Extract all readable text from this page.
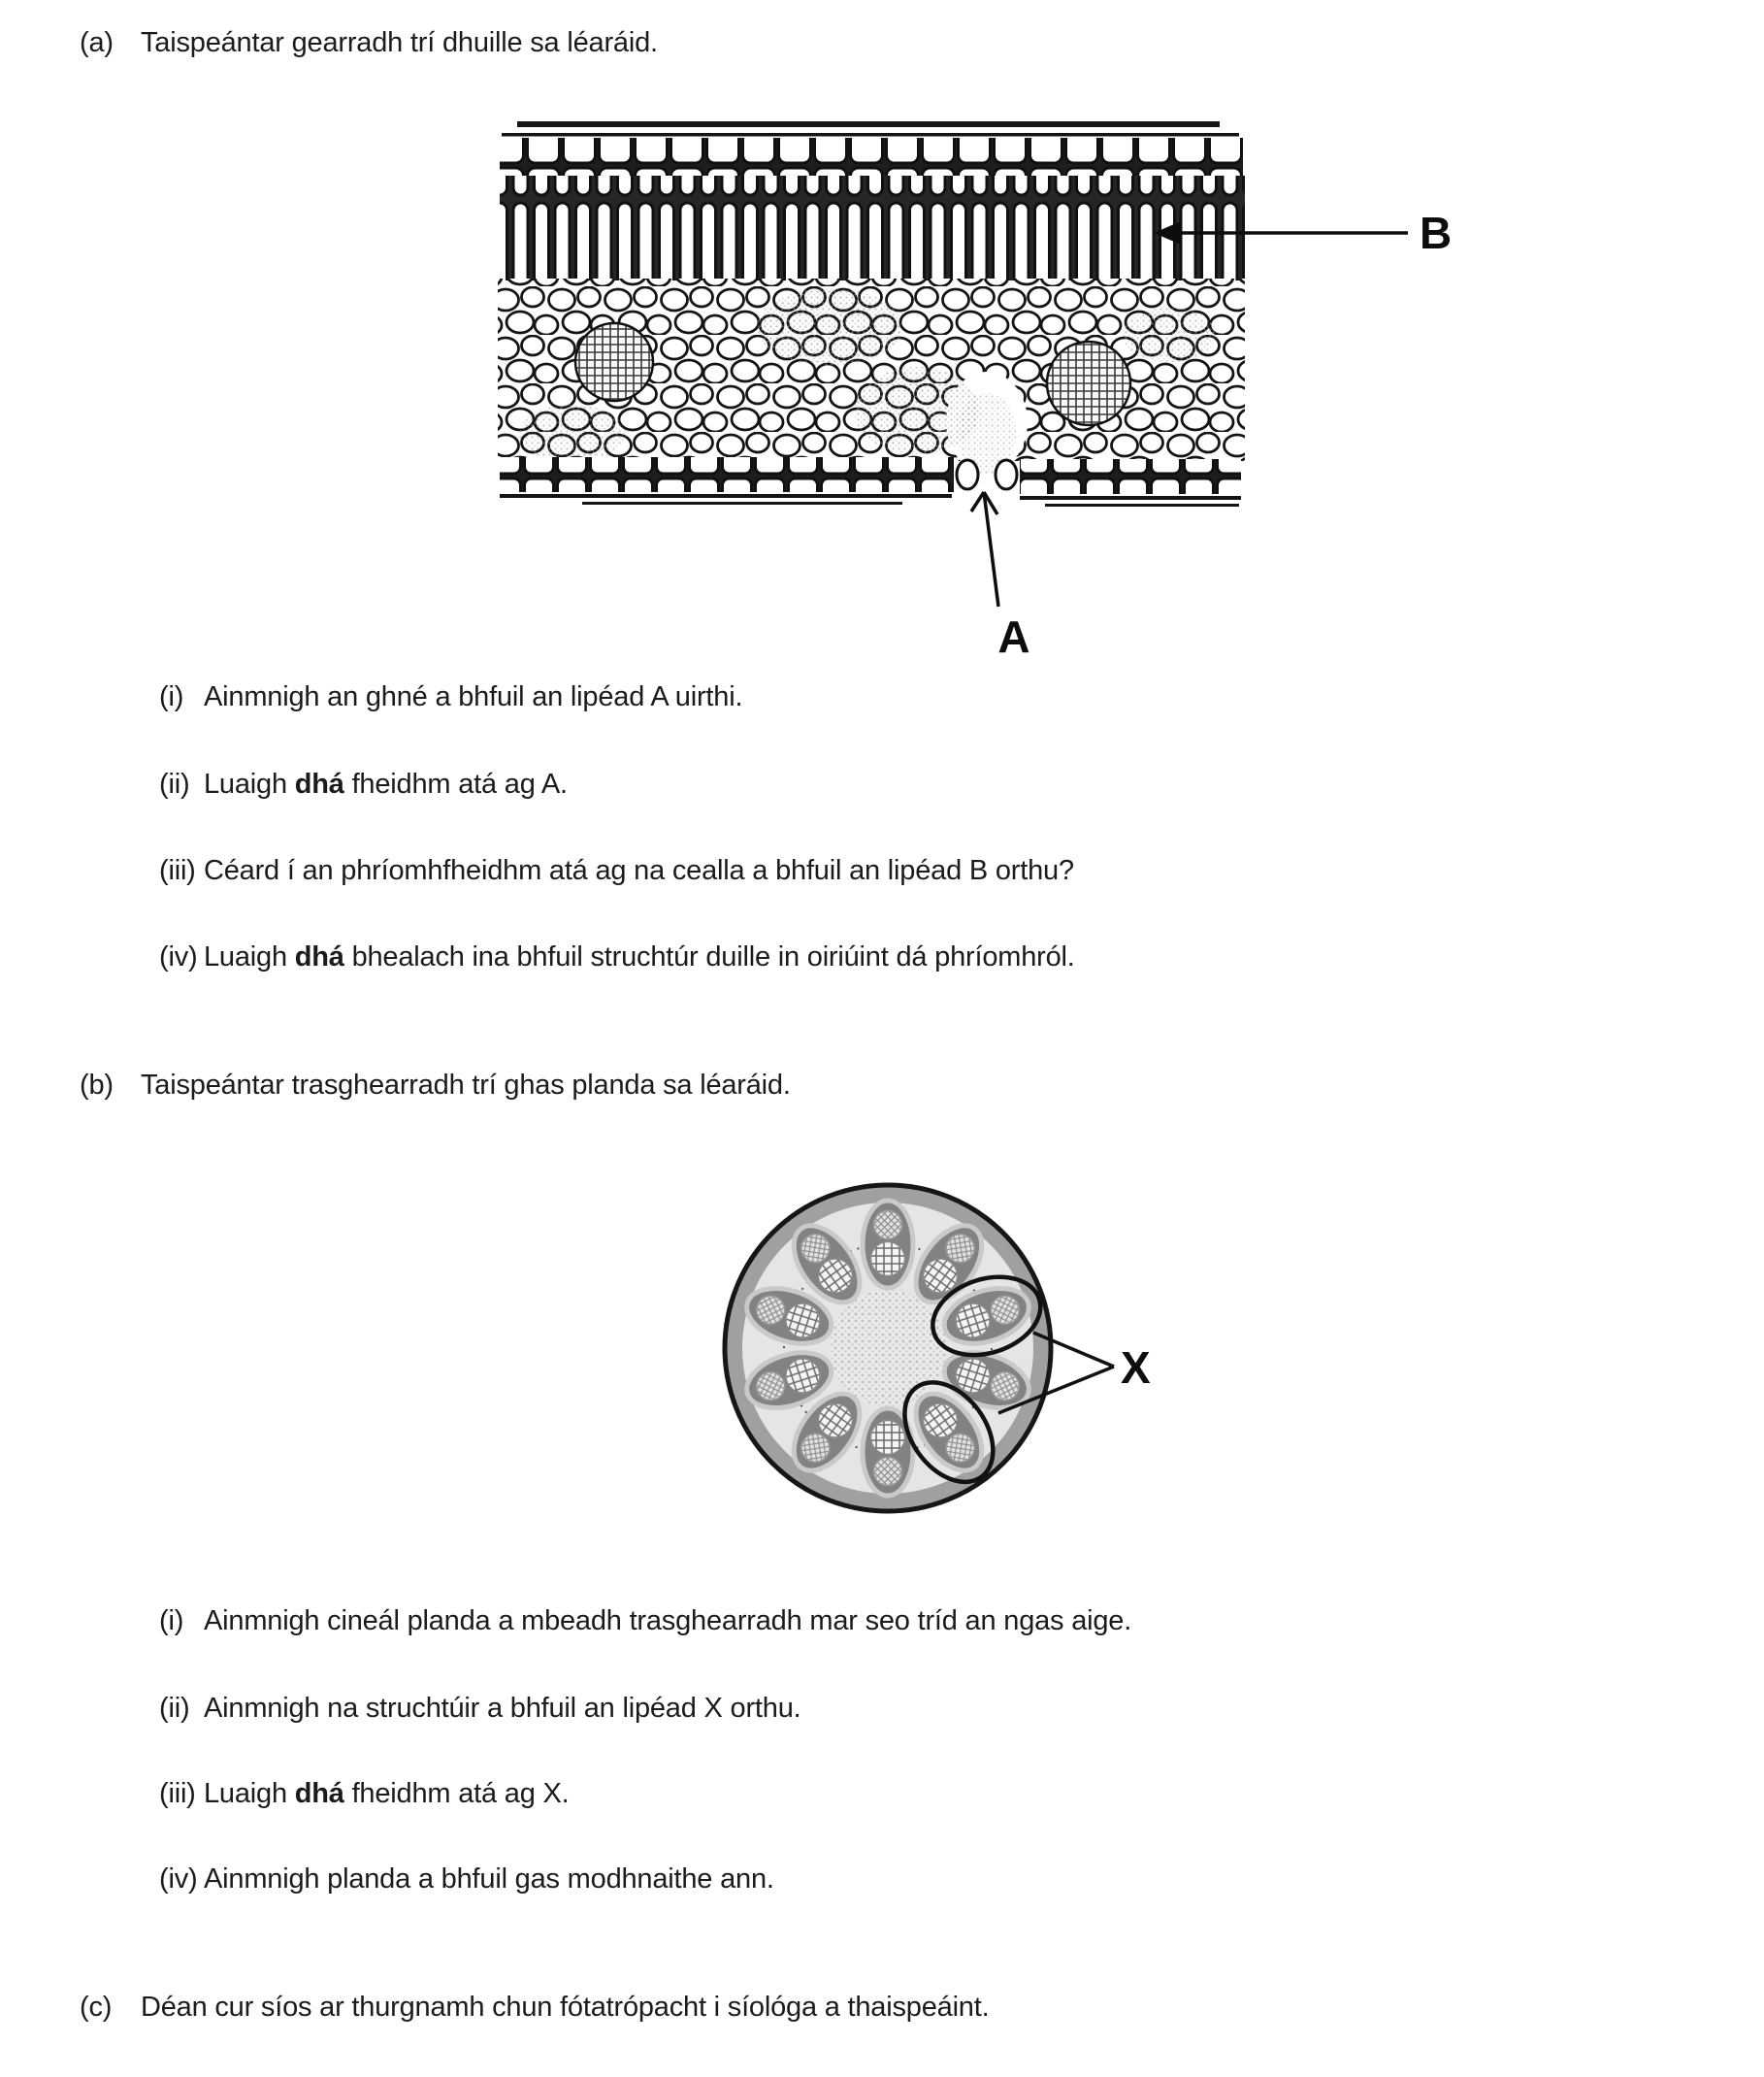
(a) Taispeántar gearradh trí dhuille sa léaráid.
B
A
(i) Ainmnigh an ghné a bhfuil an lipéad A uirthi.
(ii) Luaigh dhá fheidhm atá ag A.
(iii) Céard í an phríomhfheidhm atá ag na cealla a bhfuil an lipéad B orthu?
(iv) Luaigh dhá bhealach ina bhfuil struchtúr duille in oiriúint dá phríomhról.
(b) Taispeántar trasghearradh trí ghas planda sa léaráid.
X
(i) Ainmnigh cineál planda a mbeadh trasghearradh mar seo tríd an ngas aige.
(ii) Ainmnigh na struchtúir a bhfuil an lipéad X orthu.
(iii) Luaigh dhá fheidhm atá ag X.
(iv) Ainmnigh planda a bhfuil gas modhnaithe ann.
(c)	Déan cur síos ar thurgnamh chun fótatrópacht i síológa a thaispeáint.
